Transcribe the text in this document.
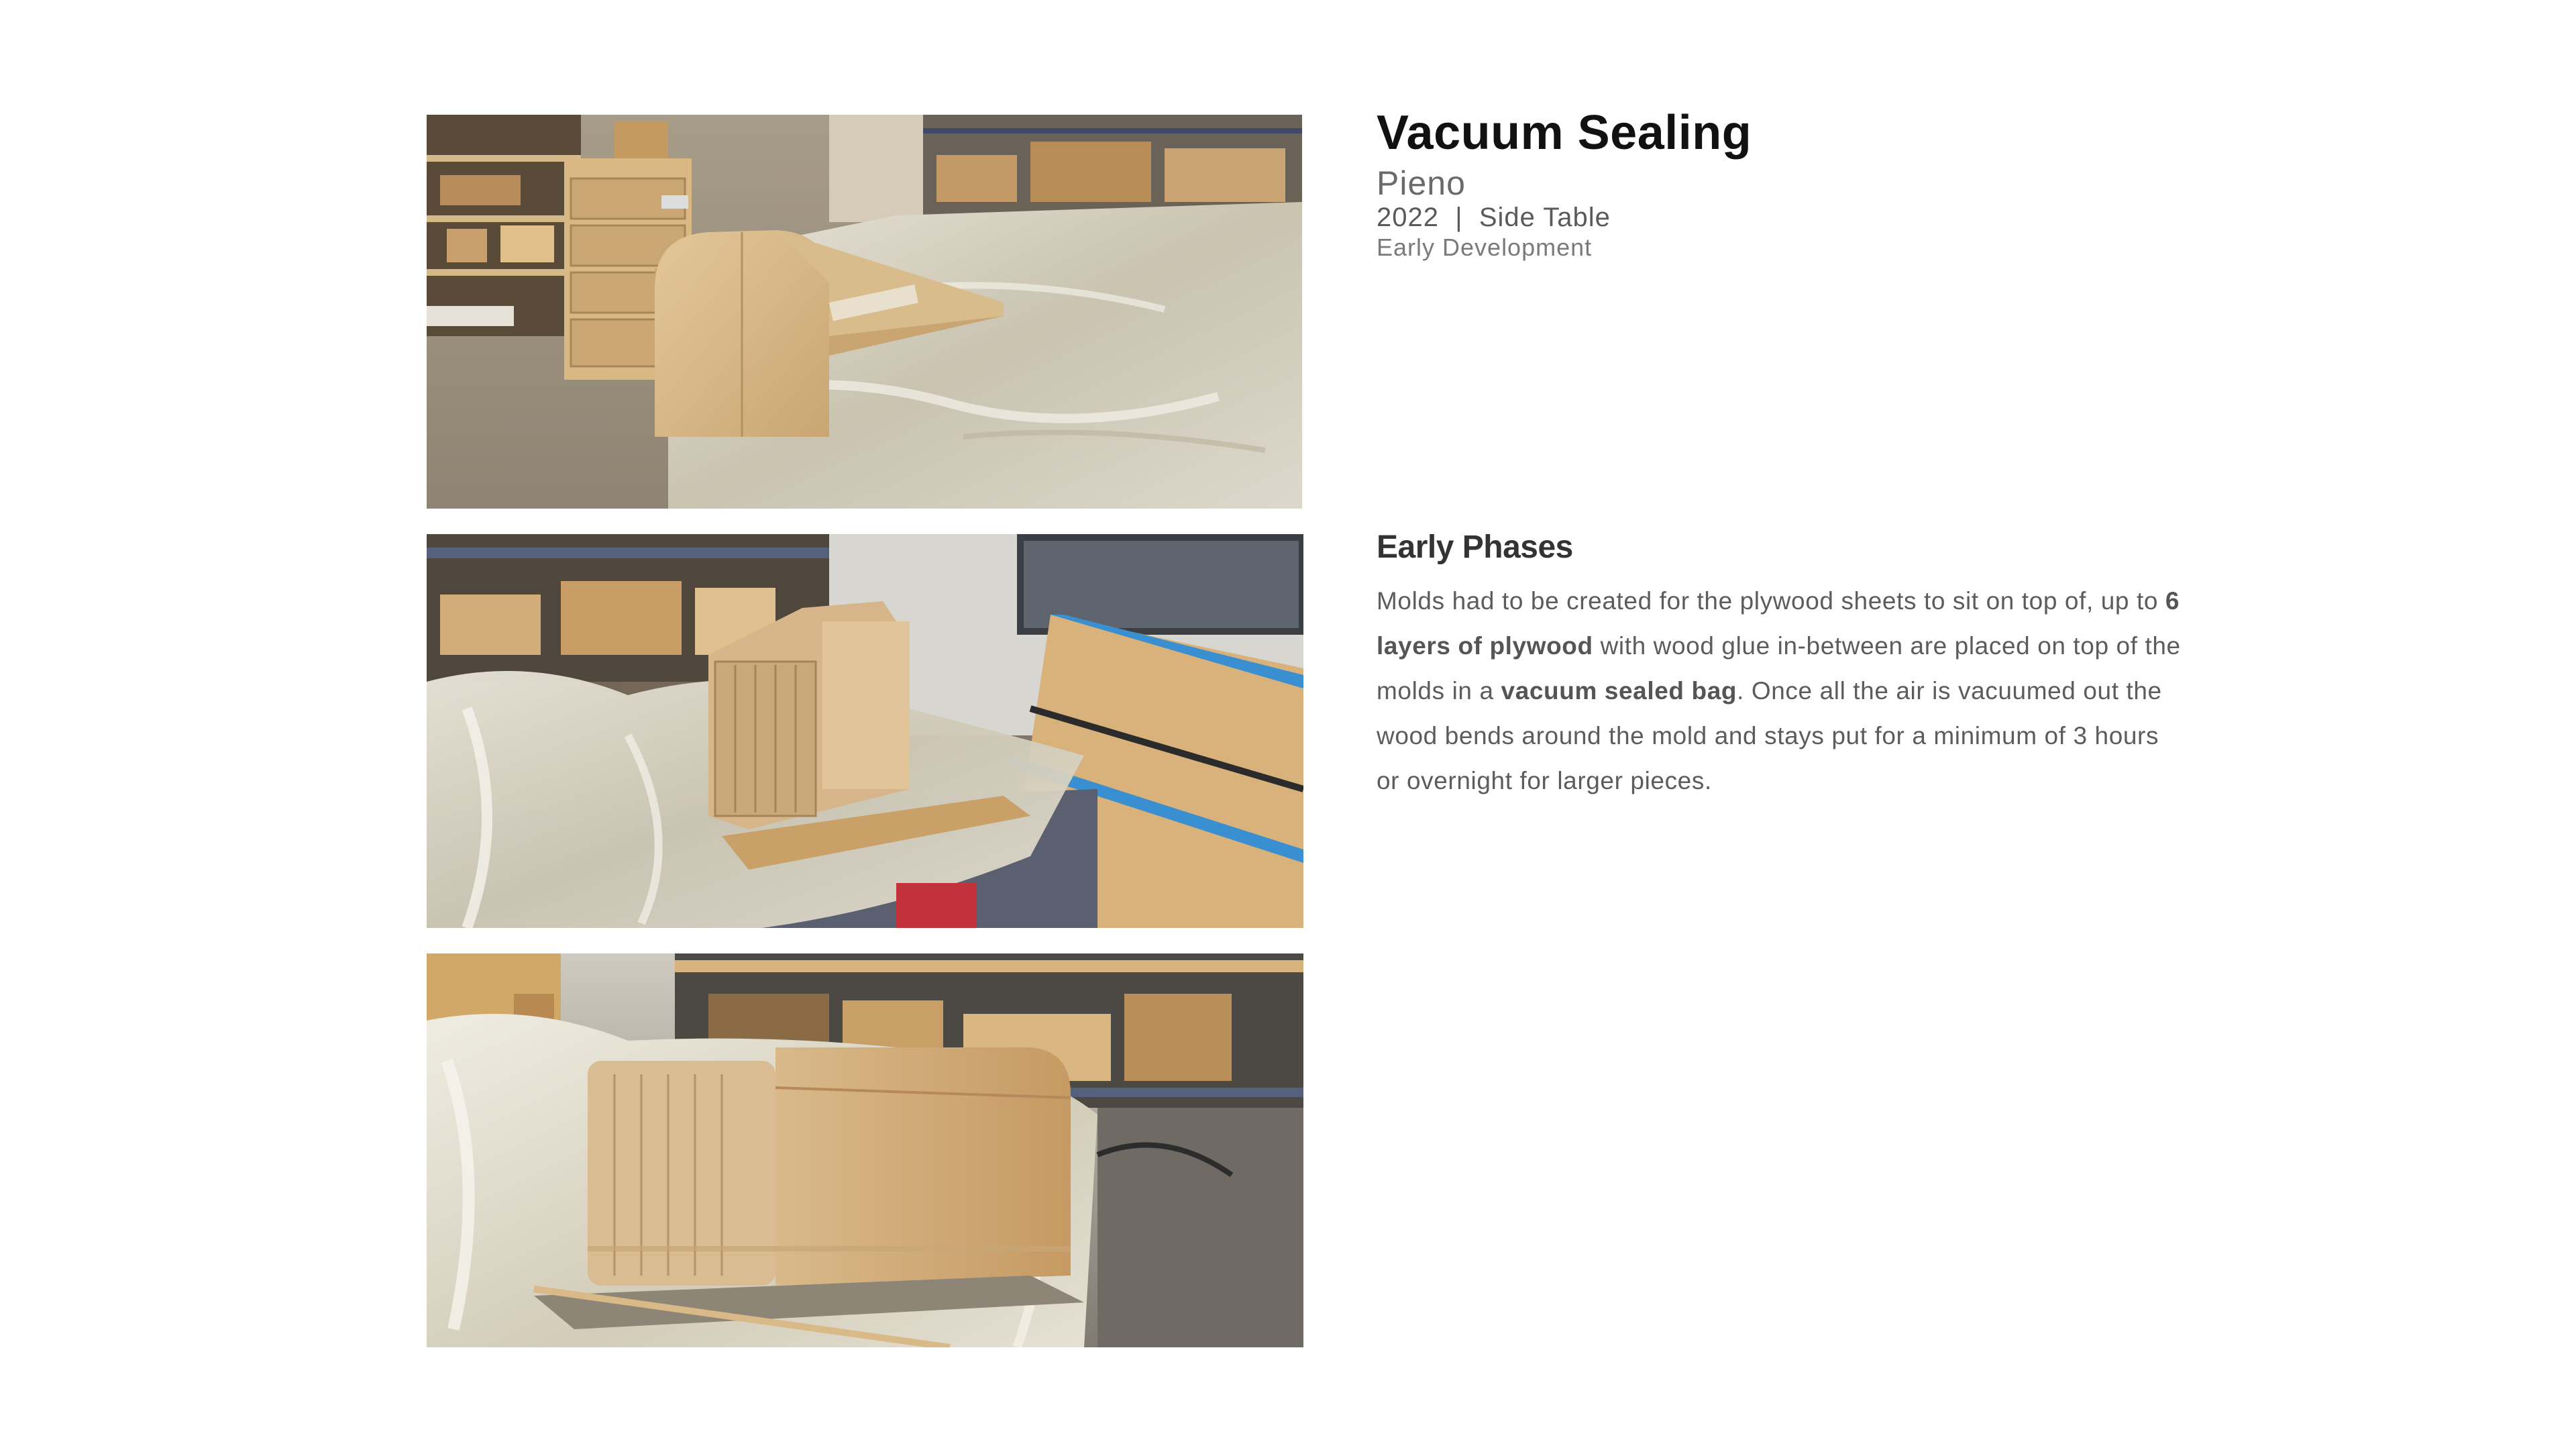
Vacuum Sealing

Pieno

2022  |  Side Table

Early Development

Early Phases

Molds had to be created for the plywood sheets to sit on top of, up to 6 layers of plywood with wood glue in-between are placed on top of the molds in a vacuum sealed bag. Once all the air is vacuumed out the wood bends around the mold and stays put for a minimum of 3 hours or overnight for larger pieces.
